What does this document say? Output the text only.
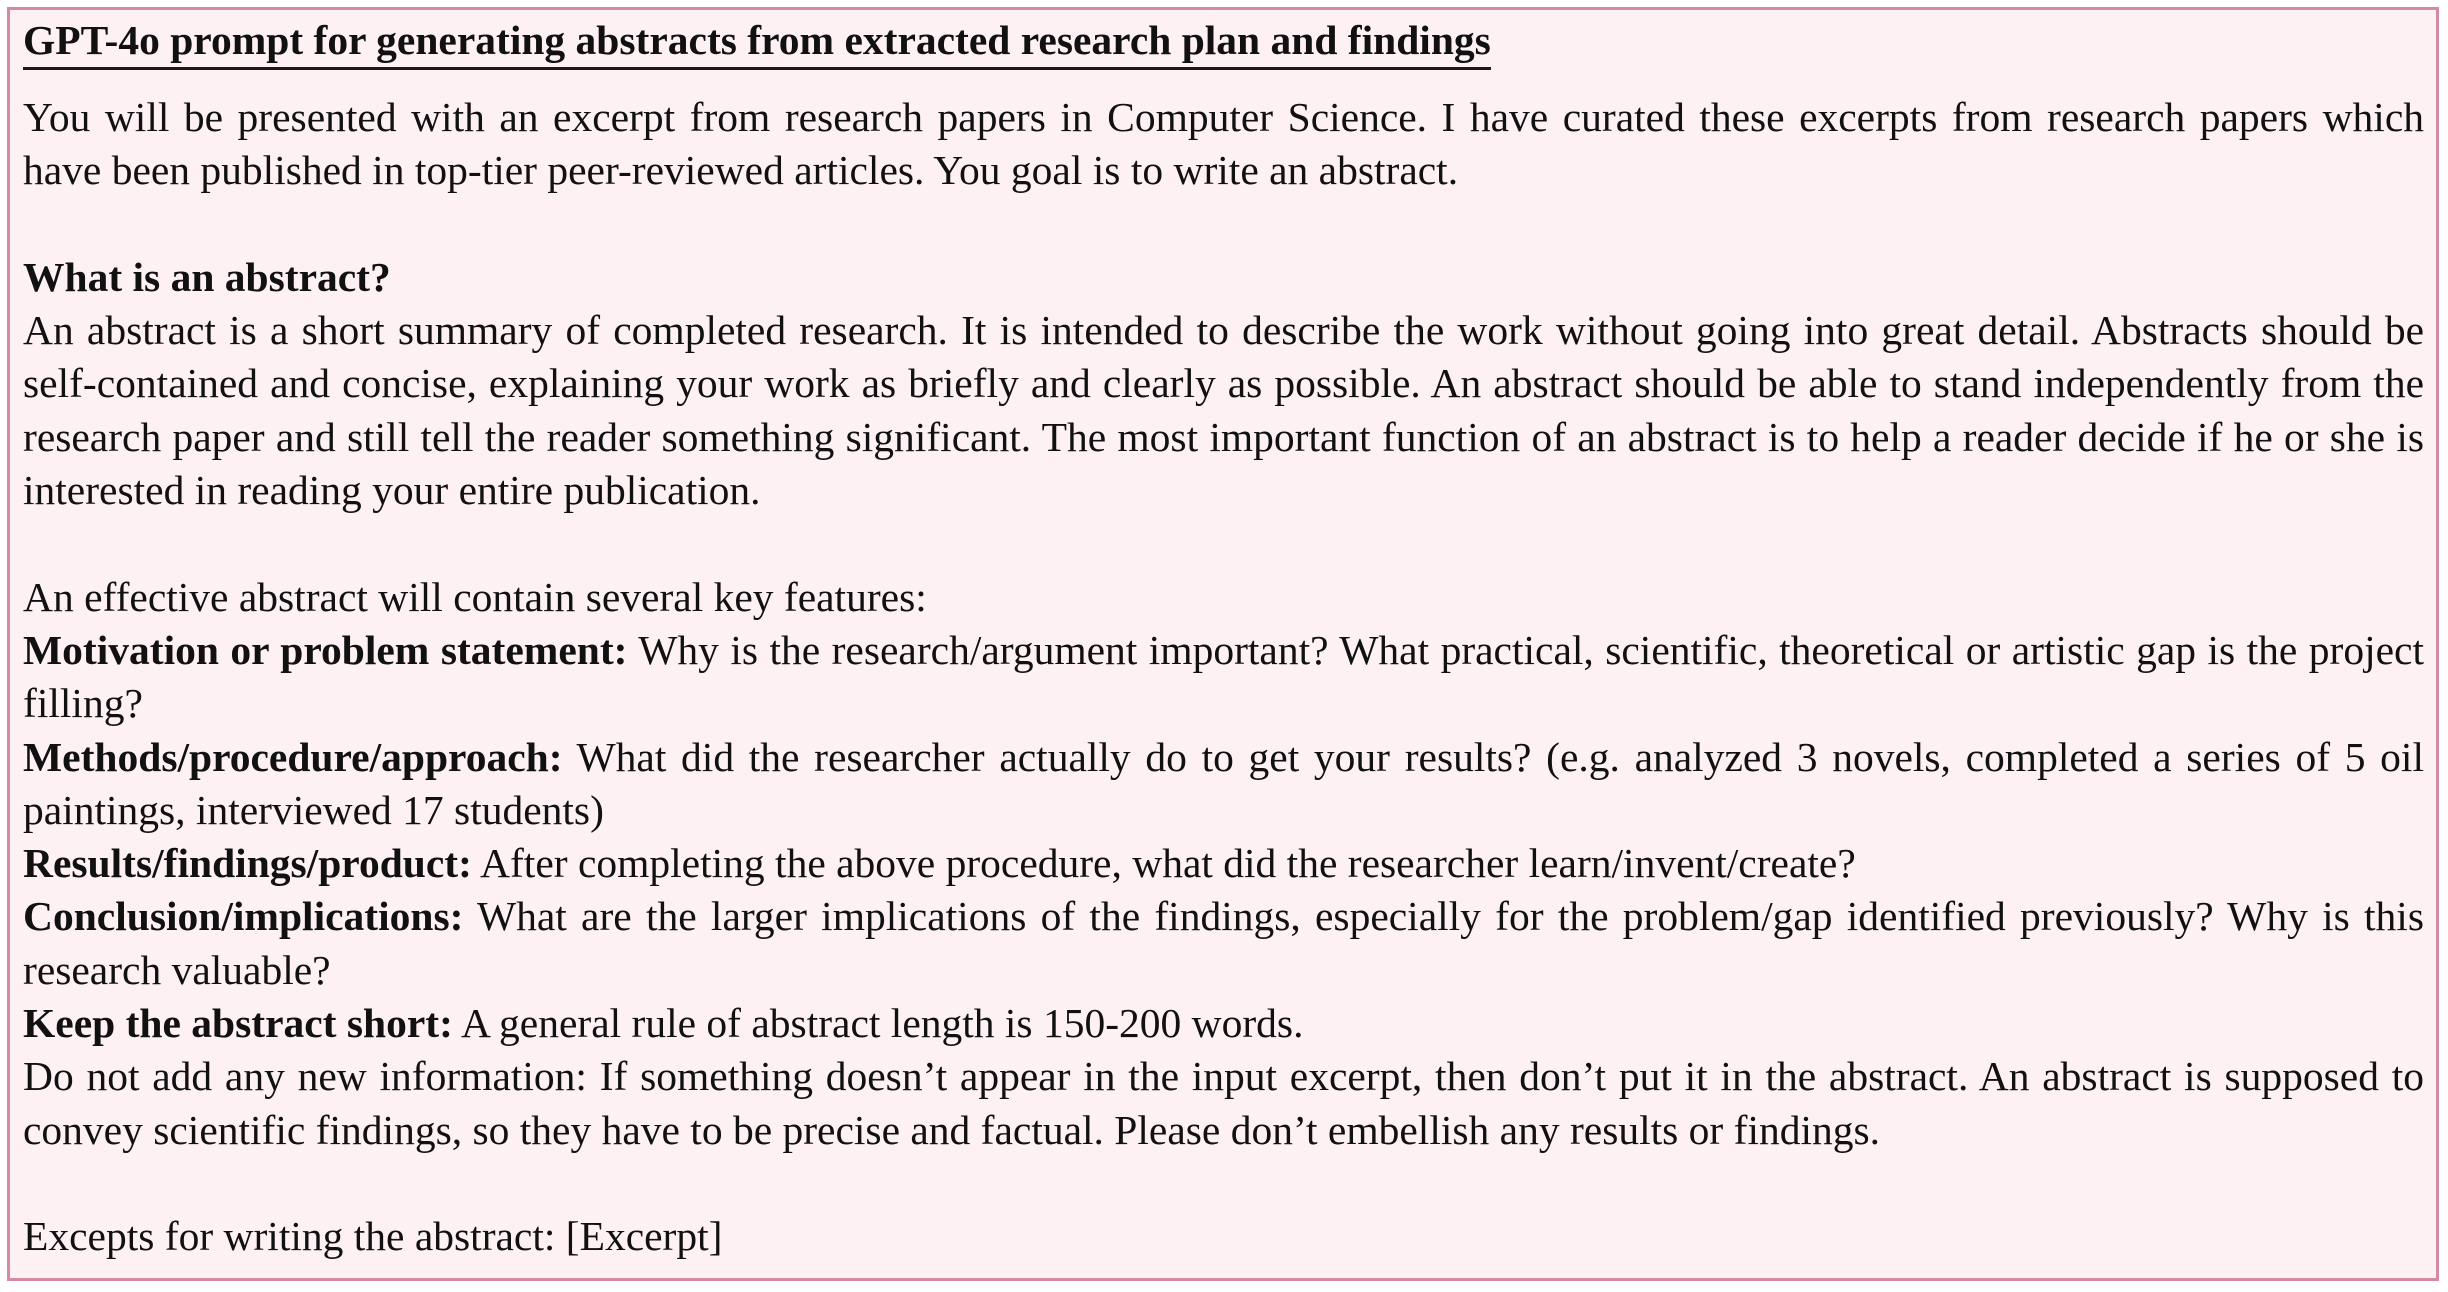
GPT-4o prompt for generating abstracts from extracted research plan and findings

You will be presented with an excerpt from research papers in Computer Science. I have curated these excerpts from research papers which have been published in top-tier peer-reviewed articles. You goal is to write an abstract.

What is an abstract?

An abstract is a short summary of completed research. It is intended to describe the work without going into great detail. Abstracts should be self-contained and concise, explaining your work as briefly and clearly as possible. An abstract should be able to stand independently from the research paper and still tell the reader something significant. The most important function of an abstract is to help a reader decide if he or she is interested in reading your entire publication.

An effective abstract will contain several key features:

Motivation or problem statement: Why is the research/argument important? What practical, scientific, theoretical or artistic gap is the project filling?

Methods/procedure/approach: What did the researcher actually do to get your results? (e.g. analyzed 3 novels, completed a series of 5 oil paintings, interviewed 17 students)

Results/findings/product: After completing the above procedure, what did the researcher learn/invent/create?

Conclusion/implications: What are the larger implications of the findings, especially for the problem/gap identified previously? Why is this research valuable?

Keep the abstract short: A general rule of abstract length is 150-200 words.

Do not add any new information: If something doesn’t appear in the input excerpt, then don’t put it in the abstract. An abstract is supposed to convey scientific findings, so they have to be precise and factual. Please don’t embellish any results or findings.

Excepts for writing the abstract: [Excerpt]
